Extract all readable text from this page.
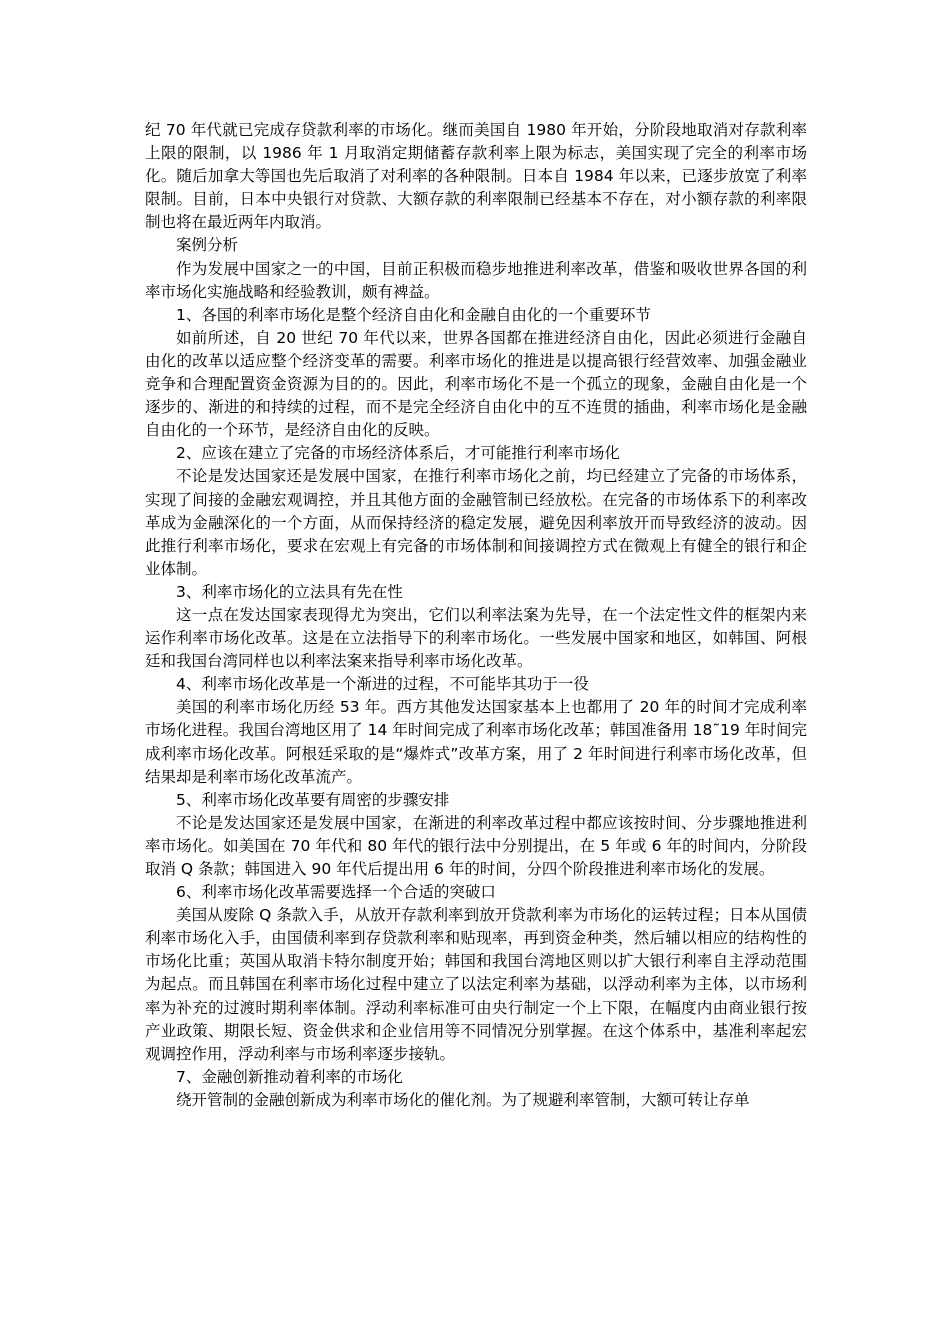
纪 70 年代就已完成存贷款利率的市场化。继而美国自 1980 年开始，分阶段地取消对存款利率上限的限制，以 1986 年 1 月取消定期储蓄存款利率上限为标志，美国实现了完全的利率市场化。随后加拿大等国也先后取消了对利率的各种限制。日本自 1984 年以来，已逐步放宽了利率限制。目前，日本中央银行对贷款、大额存款的利率限制已经基本不存在，对小额存款的利率限制也将在最近两年内取消。

案例分析

作为发展中国家之一的中国，目前正积极而稳步地推进利率改革，借鉴和吸收世界各国的利率市场化实施战略和经验教训，颇有裨益。

1、各国的利率市场化是整个经济自由化和金融自由化的一个重要环节

如前所述，自 20 世纪 70 年代以来，世界各国都在推进经济自由化，因此必须进行金融自由化的改革以适应整个经济变革的需要。利率市场化的推进是以提高银行经营效率、加强金融业竞争和合理配置资金资源为目的的。因此，利率市场化不是一个孤立的现象，金融自由化是一个逐步的、渐进的和持续的过程，而不是完全经济自由化中的互不连贯的插曲，利率市场化是金融自由化的一个环节，是经济自由化的反映。

2、应该在建立了完备的市场经济体系后，才可能推行利率市场化

不论是发达国家还是发展中国家，在推行利率市场化之前，均已经建立了完备的市场体系，实现了间接的金融宏观调控，并且其他方面的金融管制已经放松。在完备的市场体系下的利率改革成为金融深化的一个方面，从而保持经济的稳定发展，避免因利率放开而导致经济的波动。因此推行利率市场化，要求在宏观上有完备的市场体制和间接调控方式在微观上有健全的银行和企业体制。

3、利率市场化的立法具有先在性

这一点在发达国家表现得尤为突出，它们以利率法案为先导，在一个法定性文件的框架内来运作利率市场化改革。这是在立法指导下的利率市场化。一些发展中国家和地区，如韩国、阿根廷和我国台湾同样也以利率法案来指导利率市场化改革。

4、利率市场化改革是一个渐进的过程，不可能毕其功于一役

美国的利率市场化历经 53 年。西方其他发达国家基本上也都用了 20 年的时间才完成利率市场化进程。我国台湾地区用了 14 年时间完成了利率市场化改革；韩国准备用 18˜19 年时间完成利率市场化改革。阿根廷采取的是“爆炸式”改革方案，用了 2 年时间进行利率市场化改革，但结果却是利率市场化改革流产。

5、利率市场化改革要有周密的步骤安排

不论是发达国家还是发展中国家，在渐进的利率改革过程中都应该按时间、分步骤地推进利率市场化。如美国在 70 年代和 80 年代的银行法中分别提出，在 5 年或 6 年的时间内，分阶段取消 Q 条款；韩国进入 90 年代后提出用 6 年的时间，分四个阶段推进利率市场化的发展。

6、利率市场化改革需要选择一个合适的突破口

美国从废除 Q 条款入手，从放开存款利率到放开贷款利率为市场化的运转过程；日本从国债利率市场化入手，由国债利率到存贷款利率和贴现率，再到资金种类，然后辅以相应的结构性的市场化比重；英国从取消卡特尔制度开始；韩国和我国台湾地区则以扩大银行利率自主浮动范围为起点。而且韩国在利率市场化过程中建立了以法定利率为基础，以浮动利率为主体，以市场利率为补充的过渡时期利率体制。浮动利率标准可由央行制定一个上下限，在幅度内由商业银行按产业政策、期限长短、资金供求和企业信用等不同情况分别掌握。在这个体系中，基准利率起宏观调控作用，浮动利率与市场利率逐步接轨。

7、金融创新推动着利率的市场化

绕开管制的金融创新成为利率市场化的催化剂。为了规避利率管制，大额可转让存单
